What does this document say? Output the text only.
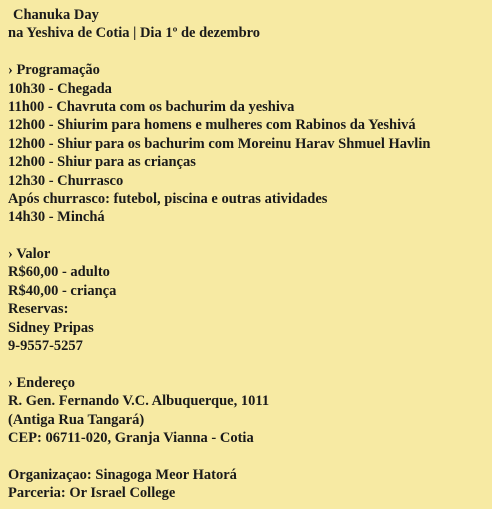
Chanuka Day
na Yeshiva de Cotia | Dia 1º de dezembro
› Programação
10h30 - Chegada
11h00 - Chavruta com os bachurim da yeshiva
12h00 - Shiurim para homens e mulheres com Rabinos da Yeshivá
12h00 - Shiur para os bachurim com Moreinu Harav Shmuel Havlin
12h00 - Shiur para as crianças
12h30 - Churrasco
Após churrasco: futebol, piscina e outras atividades
14h30 - Minchá
› Valor
R$60,00 - adulto
R$40,00 - criança
Reservas:
Sidney Pripas
9-9557-5257
› Endereço
R. Gen. Fernando V.C. Albuquerque, 1011
(Antiga Rua Tangará)
CEP: 06711-020, Granja Vianna - Cotia
Organizaçao: Sinagoga Meor Hatorá
Parceria: Or Israel College
